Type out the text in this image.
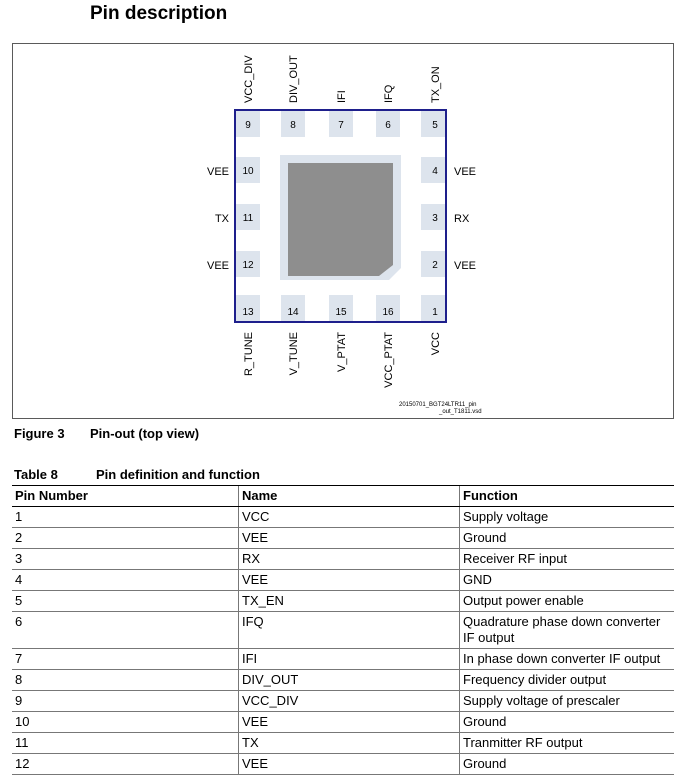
Pin description
9	8	7	6	5
4
3
2
1
16
15
14
13
12
11
10
VEE
TX
VEE
VEE
RX
VEE
VCC_DIV	DIV_OUT	IFI	IFQ	TX_ON
R_TUNE	V_TUNE	V_PTAT	VCC_PTAT	VCC
20150701_BGT24LTR11_pin
_out_T1811.vsd
Figure 3 Pin-out (top view)
Table 8	Pin definition and function
Pin Number	Name	Function
1	VCC	Supply voltage
2	VEE	Ground
3	RX	Receiver RF input
4	VEE	GND
5	TX_EN	Output power enable
6	IFQ	Quadrature phase down converter IF output
7	IFI	In phase down converter IF output
8	DIV_OUT	Frequency divider output
9	VCC_DIV	Supply voltage of prescaler
10	VEE	Ground
11	TX	Tranmitter RF output
12	VEE	Ground
